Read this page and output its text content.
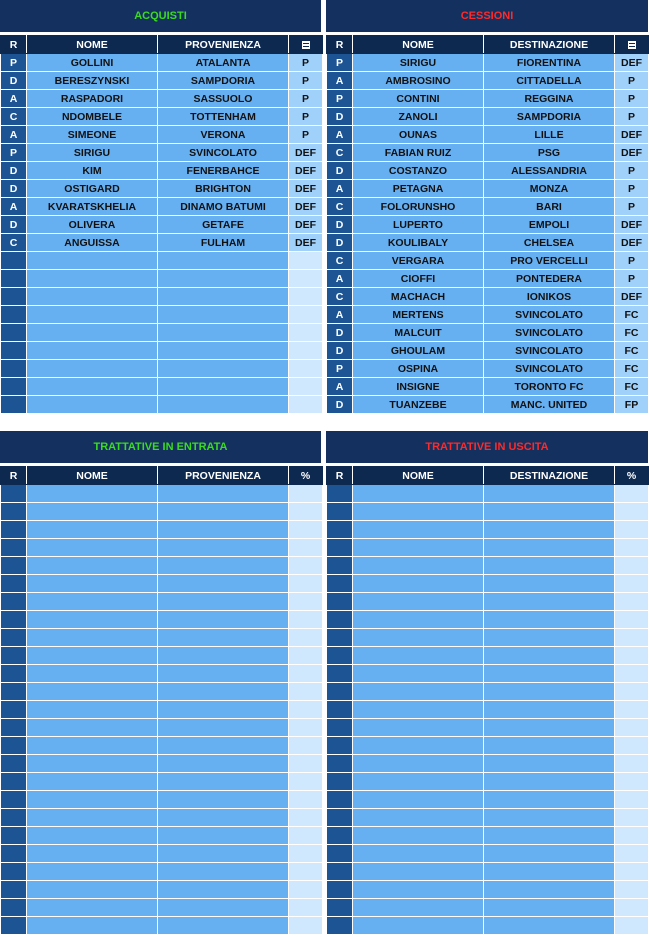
ACQUISTI
R	NOME	PROVENIENZA	
P	GOLLINI	ATALANTA	P
D	BERESZYNSKI	SAMPDORIA	P
A	RASPADORI	SASSUOLO	P
C	NDOMBELE	TOTTENHAM	P
A	SIMEONE	VERONA	P
P	SIRIGU	SVINCOLATO	DEF
D	KIM	FENERBAHCE	DEF
D	OSTIGARD	BRIGHTON	DEF
A	KVARATSKHELIA	DINAMO BATUMI	DEF
D	OLIVERA	GETAFE	DEF
C	ANGUISSA	FULHAM	DEF

CESSIONI
R	NOME	DESTINAZIONE	
P	SIRIGU	FIORENTINA	DEF
A	AMBROSINO	CITTADELLA	P
P	CONTINI	REGGINA	P
D	ZANOLI	SAMPDORIA	P
A	OUNAS	LILLE	DEF
C	FABIAN RUIZ	PSG	DEF
D	COSTANZO	ALESSANDRIA	P
A	PETAGNA	MONZA	P
C	FOLORUNSHO	BARI	P
D	LUPERTO	EMPOLI	DEF
D	KOULIBALY	CHELSEA	DEF
C	VERGARA	PRO VERCELLI	P
A	CIOFFI	PONTEDERA	P
C	MACHACH	IONIKOS	DEF
A	MERTENS	SVINCOLATO	FC
D	MALCUIT	SVINCOLATO	FC
D	GHOULAM	SVINCOLATO	FC
P	OSPINA	SVINCOLATO	FC
A	INSIGNE	TORONTO FC	FC
D	TUANZEBE	MANC. UNITED	FP
TRATTATIVE IN ENTRATA
R	NOME	PROVENIENZA	%

TRATTATIVE IN USCITA
R	NOME	DESTINAZIONE	%
